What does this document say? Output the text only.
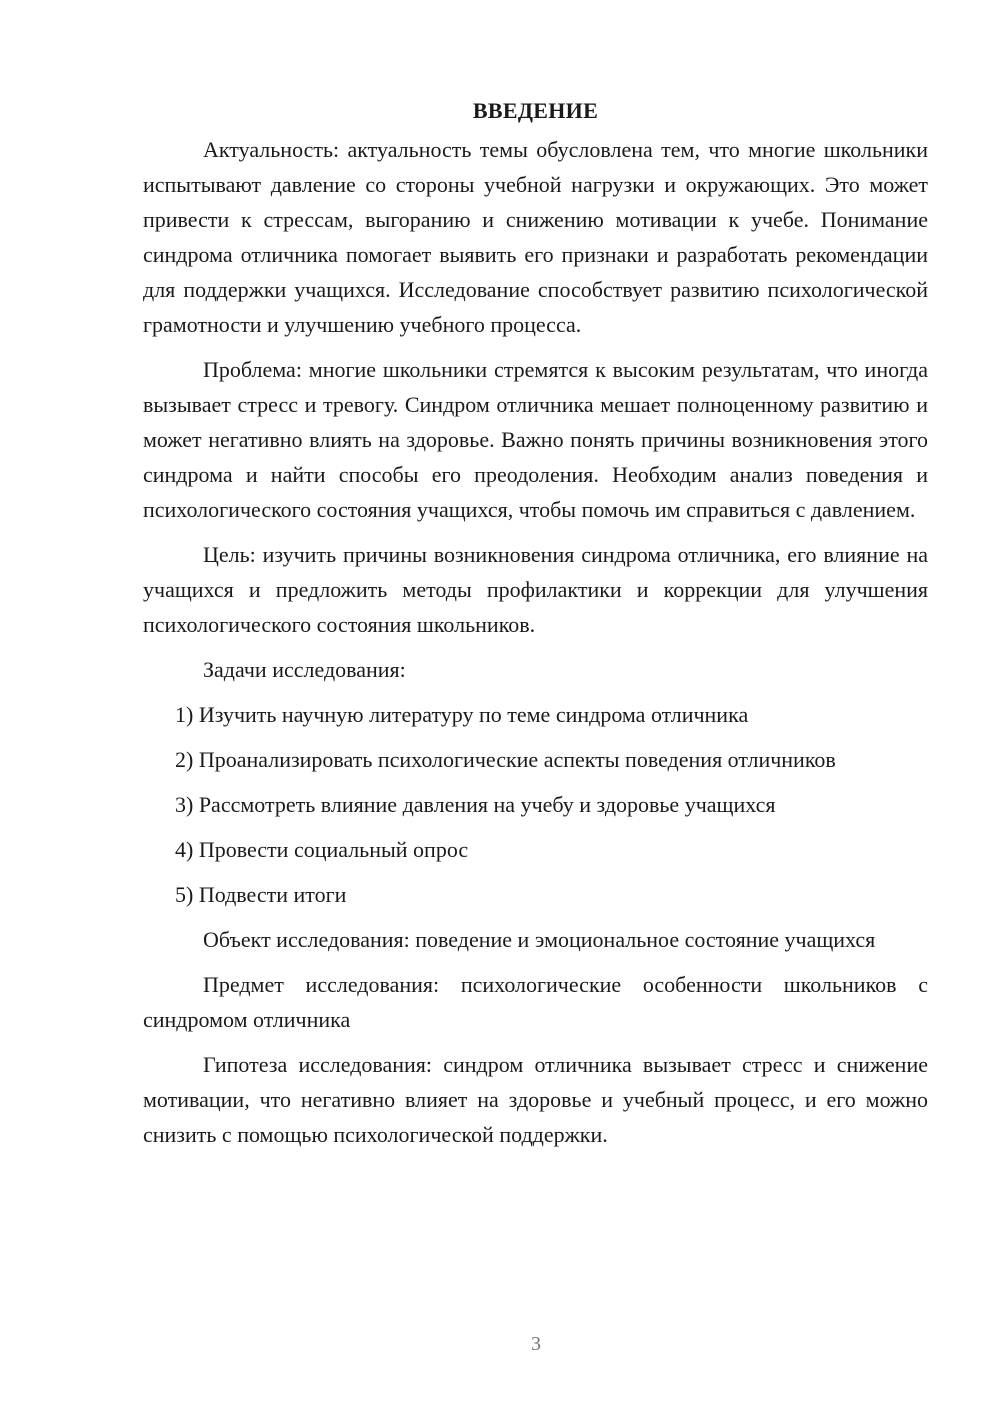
ВВЕДЕНИЕ

Актуальность: актуальность темы обусловлена тем, что многие школьники испытывают давление со стороны учебной нагрузки и окружающих. Это может привести к стрессам, выгоранию и снижению мотивации к учебе. Понимание синдрома отличника помогает выявить его признаки и разработать рекомендации для поддержки учащихся. Исследование способствует развитию психологической грамотности и улучшению учебного процесса.

Проблема: многие школьники стремятся к высоким результатам, что иногда вызывает стресс и тревогу. Синдром отличника мешает полноценному развитию и может негативно влиять на здоровье. Важно понять причины возникновения этого синдрома и найти способы его преодоления. Необходим анализ поведения и психологического состояния учащихся, чтобы помочь им справиться с давлением.

Цель: изучить причины возникновения синдрома отличника, его влияние на учащихся и предложить методы профилактики и коррекции для улучшения психологического состояния школьников.

Задачи исследования:
1) Изучить научную литературу по теме синдрома отличника
2) Проанализировать психологические аспекты поведения отличников
3) Рассмотреть влияние давления на учебу и здоровье учащихся
4) Провести социальный опрос
5) Подвести итоги

Объект исследования: поведение и эмоциональное состояние учащихся

Предмет исследования: психологические особенности школьников с синдромом отличника

Гипотеза исследования: синдром отличника вызывает стресс и снижение мотивации, что негативно влияет на здоровье и учебный процесс, и его можно снизить с помощью психологической поддержки.

3
